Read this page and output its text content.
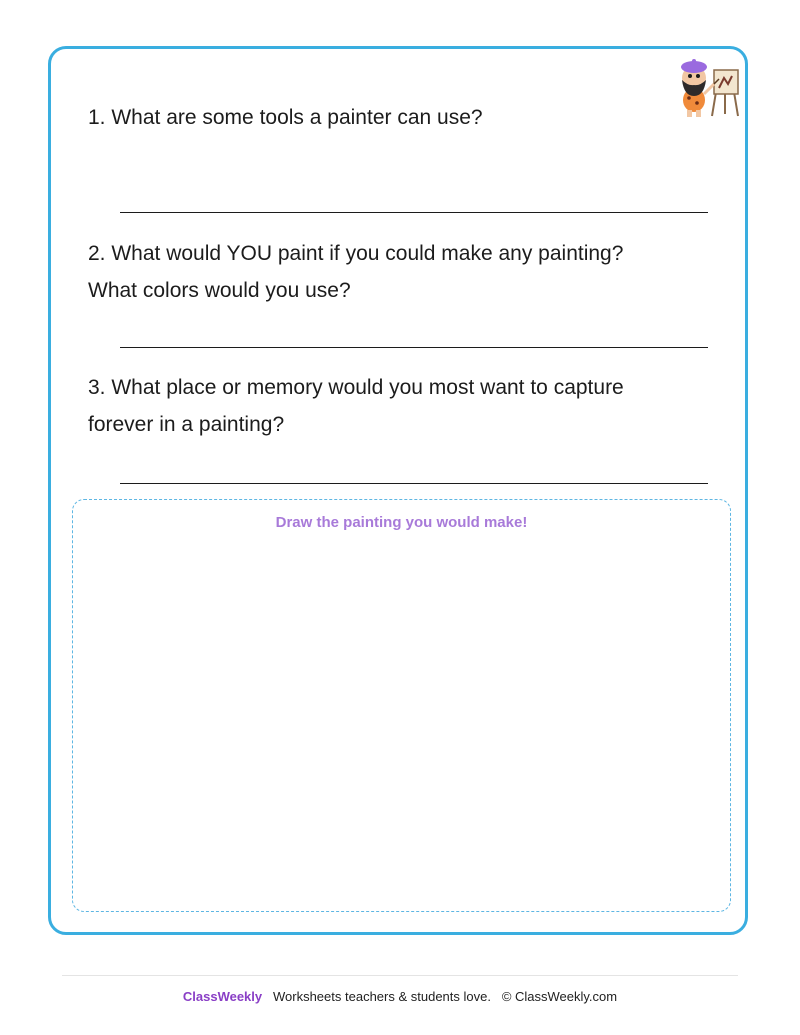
1. What are some tools a painter can use?
2. What would YOU paint if you could make any painting?
What colors would you use?
3. What place or memory would you most want to capture
forever in a painting?
Draw the painting you would make!
ClassWeekly Worksheets teachers & students love. © ClassWeekly.com
